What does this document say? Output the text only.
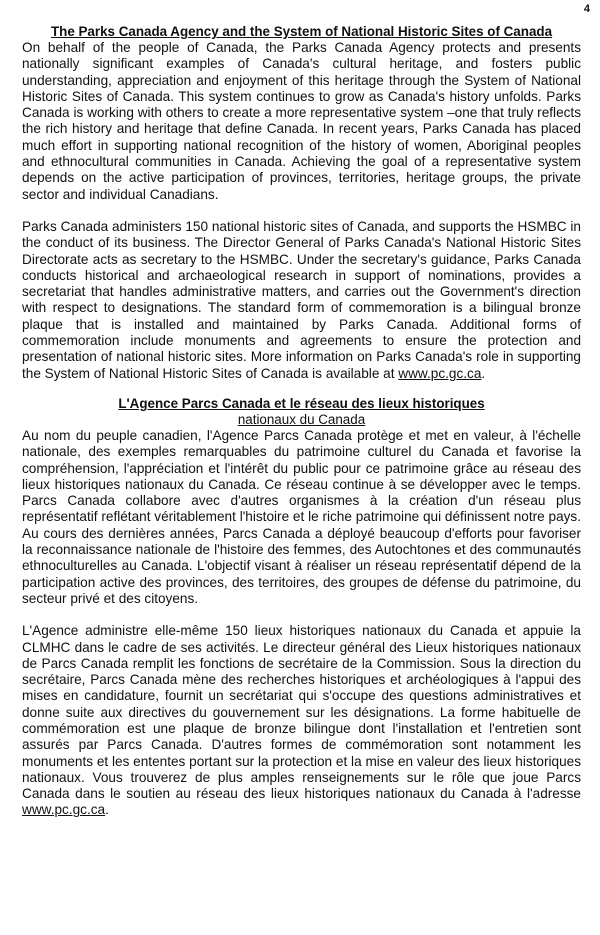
4
The Parks Canada Agency and the System of National Historic Sites of Canada

On behalf of the people of Canada, the Parks Canada Agency protects and presents nationally significant examples of Canada's cultural heritage, and fosters public understanding, appreciation and enjoyment of this heritage through the System of National Historic Sites of Canada. This system continues to grow as Canada's history unfolds. Parks Canada is working with others to create a more representative system –one that truly reflects the rich history and heritage that define Canada. In recent years, Parks Canada has placed much effort in supporting national recognition of the history of women, Aboriginal peoples and ethnocultural communities in Canada. Achieving the goal of a representative system depends on the active participation of provinces, territories, heritage groups, the private sector and individual Canadians.

Parks Canada administers 150 national historic sites of Canada, and supports the HSMBC in the conduct of its business. The Director General of Parks Canada's National Historic Sites Directorate acts as secretary to the HSMBC. Under the secretary's guidance, Parks Canada conducts historical and archaeological research in support of nominations, provides a secretariat that handles administrative matters, and carries out the Government's direction with respect to designations. The standard form of commemoration is a bilingual bronze plaque that is installed and maintained by Parks Canada. Additional forms of commemoration include monuments and agreements to ensure the protection and presentation of national historic sites. More information on Parks Canada's role in supporting the System of National Historic Sites of Canada is available at www.pc.gc.ca.

L'Agence Parcs Canada et le réseau des lieux historiques
nationaux du Canada

Au nom du peuple canadien, l'Agence Parcs Canada protège et met en valeur, à l'échelle nationale, des exemples remarquables du patrimoine culturel du Canada et favorise la compréhension, l'appréciation et l'intérêt du public pour ce patrimoine grâce au réseau des lieux historiques nationaux du Canada. Ce réseau continue à se développer avec le temps. Parcs Canada collabore avec d'autres organismes à la création d'un réseau plus représentatif reflétant véritablement l'histoire et le riche patrimoine qui définissent notre pays. Au cours des dernières années, Parcs Canada a déployé beaucoup d'efforts pour favoriser la reconnaissance nationale de l'histoire des femmes, des Autochtones et des communautés ethnoculturelles au Canada. L'objectif visant à réaliser un réseau représentatif dépend de la participation active des provinces, des territoires, des groupes de défense du patrimoine, du secteur privé et des citoyens.

L'Agence administre elle-même 150 lieux historiques nationaux du Canada et appuie la CLMHC dans le cadre de ses activités. Le directeur général des Lieux historiques nationaux de Parcs Canada remplit les fonctions de secrétaire de la Commission. Sous la direction du secrétaire, Parcs Canada mène des recherches historiques et archéologiques à l'appui des mises en candidature, fournit un secrétariat qui s'occupe des questions administratives et donne suite aux directives du gouvernement sur les désignations. La forme habituelle de commémoration est une plaque de bronze bilingue dont l'installation et l'entretien sont assurés par Parcs Canada. D'autres formes de commémoration sont notamment les monuments et les ententes portant sur la protection et la mise en valeur des lieux historiques nationaux. Vous trouverez de plus amples renseignements sur le rôle que joue Parcs Canada dans le soutien au réseau des lieux historiques nationaux du Canada à l'adresse www.pc.gc.ca.
